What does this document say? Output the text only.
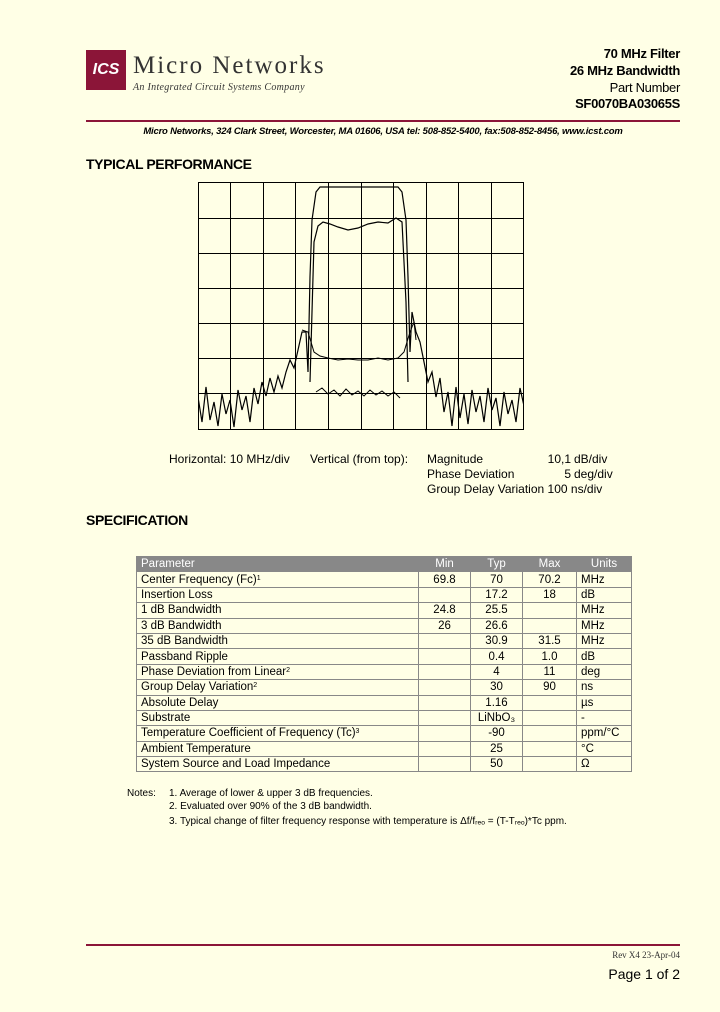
ICS Micro Networks
An Integrated Circuit Systems Company
70 MHz Filter
26 MHz Bandwidth
Part Number
SF0070BA03065S
Micro Networks, 324 Clark Street, Worcester, MA 01606, USA tel: 508-852-5400, fax:508-852-8456, www.icst.com
TYPICAL PERFORMANCE
Horizontal: 10 MHz/div Vertical (from top): Magnitude	10,1 dB/div
Phase Deviation	5 deg/div
Group Delay Variation 100 ns/div
SPECIFICATION
Parameter	Min	Typ	Max	Units
Center Frequency $(Fc)^1$	69.8	70	70.2	MHz
Insertion Loss		17.2	18	dB
1 dB Bandwidth	24.8	25.5		MHz
3 dB Bandwidth	26	26.6		MHz
35 dB Bandwidth		30.9	31.5	MHz
Passband Ripple		0.4	1.0	dB
Phase Deviation from Linear$^2$		4	11	deg
Group Delay Variation$^2$		30	90	ns
Absolute Delay		1.16		µs
Substrate		LiNbO₃		-
Temperature Coefficient of Frequency $(Tc)^3$		-90		ppm/°C
Ambient Temperature		25		°C
System Source and Load Impedance		50		Ω
Notes: 1. Average of lower & upper 3 dB frequencies.
2. Evaluated over 90% of the 3 dB bandwidth.
3. Typical change of filter frequency response with temperature is Δf/fᵣₑₒ = (T-Tᵣₑₒ)*Tc ppm.
Rev X4 23-Apr-04
Page 1 of 2
